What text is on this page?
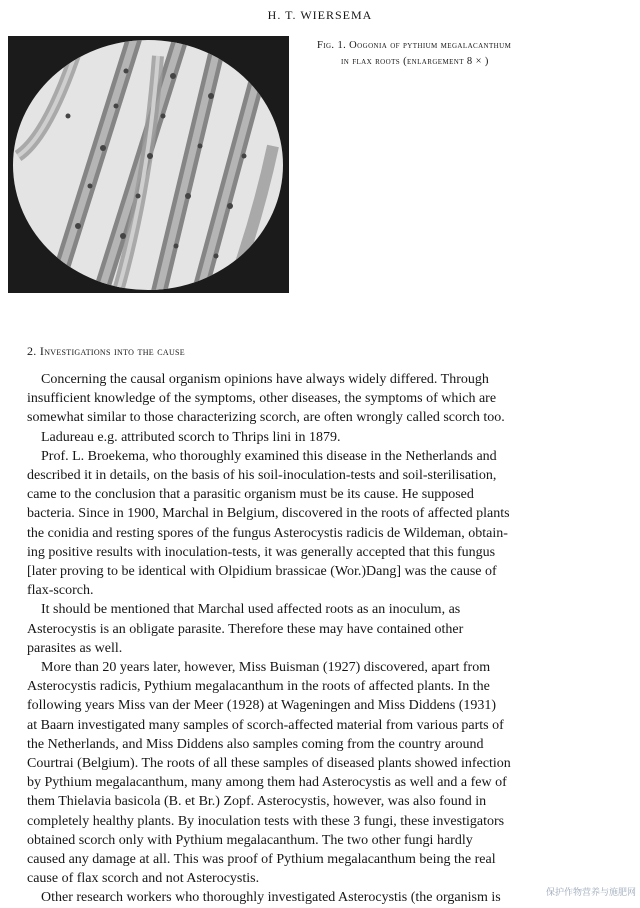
H. T. WIERSEMA
Fig. 1. Oogonia of pythium megalacanthum
in flax roots (enlargement 8 × )
2. Investigations into the cause
 Concerning the causal organism opinions have always widely differed. Through
insufficient knowledge of the symptoms, other diseases, the symptoms of which are
somewhat similar to those characterizing scorch, are often wrongly called scorch too.
 Ladureau e.g. attributed scorch to Thrips lini in 1879.
 Prof. L. Broekema, who thoroughly examined this disease in the Netherlands and
described it in details, on the basis of his soil-inoculation-tests and soil-sterilisation,
came to the conclusion that a parasitic organism must be its cause. He supposed
bacteria. Since in 1900, Marchal in Belgium, discovered in the roots of affected plants
the conidia and resting spores of the fungus Asterocystis radicis de Wildeman, obtain-
ing positive results with inoculation-tests, it was generally accepted that this fungus
[later proving to be identical with Olpidium brassicae (Wor.)Dang] was the cause of
flax-scorch.
 It should be mentioned that Marchal used affected roots as an inoculum, as
Asterocystis is an obligate parasite. Therefore these may have contained other
parasites as well.
 More than 20 years later, however, Miss Buisman (1927) discovered, apart from
Asterocystis radicis, Pythium megalacanthum in the roots of affected plants. In the
following years Miss van der Meer (1928) at Wageningen and Miss Diddens (1931)
at Baarn investigated many samples of scorch-affected material from various parts of
the Netherlands, and Miss Diddens also samples coming from the country around
Courtrai (Belgium). The roots of all these samples of diseased plants showed infection
by Pythium megalacanthum, many among them had Asterocystis as well and a few of
them Thielavia basicola (B. et Br.) Zopf. Asterocystis, however, was also found in
completely healthy plants. By inoculation tests with these 3 fungi, these investigators
obtained scorch only with Pythium megalacanthum. The two other fungi hardly
caused any damage at all. This was proof of Pythium megalacanthum being the real
cause of flax scorch and not Asterocystis.
 Other research workers who thoroughly investigated Asterocystis (the organism is	保护作物营养与施肥网
